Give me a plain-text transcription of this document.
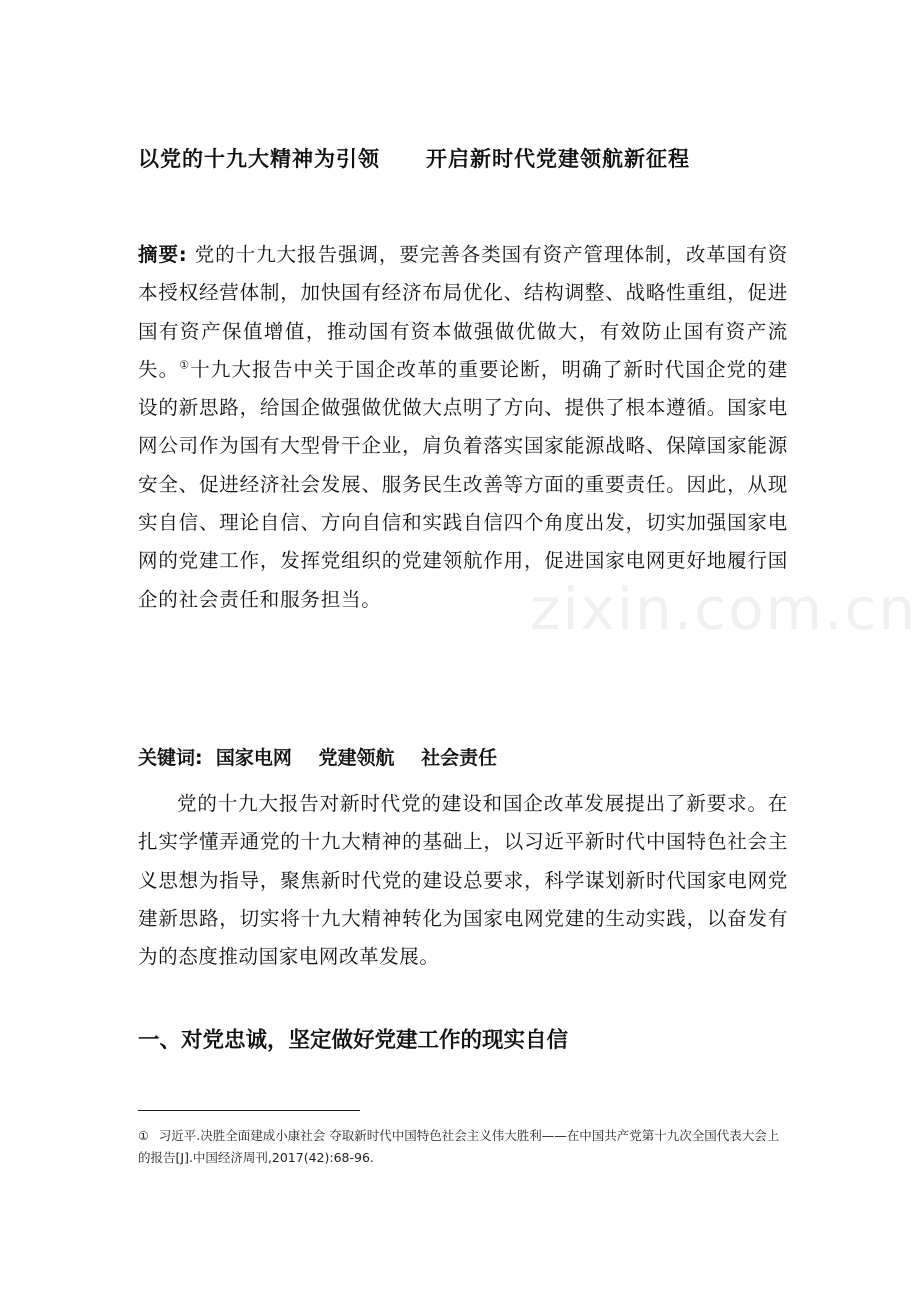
zixin.com.cn
以党的十九大精神为引领 开启新时代党建领航新征程

摘要: 党的十九大报告强调，要完善各类国有资产管理体制，改革国有资本授权经营体制，加快国有经济布局优化、结构调整、战略性重组，促进国有资产保值增值，推动国有资本做强做优做大，有效防止国有资产流失。①十九大报告中关于国企改革的重要论断，明确了新时代国企党的建设的新思路，给国企做强做优做大点明了方向、提供了根本遵循。国家电网公司作为国有大型骨干企业，肩负着落实国家能源战略、保障国家能源安全、促进经济社会发展、服务民生改善等方面的重要责任。因此，从现实自信、理论自信、方向自信和实践自信四个角度出发，切实加强国家电网的党建工作，发挥党组织的党建领航作用，促进国家电网更好地履行国企的社会责任和服务担当。

关键词: 国家电网 党建领航 社会责任

党的十九大报告对新时代党的建设和国企改革发展提出了新要求。在扎实学懂弄通党的十九大精神的基础上，以习近平新时代中国特色社会主义思想为指导，聚焦新时代党的建设总要求，科学谋划新时代国家电网党建新思路，切实将十九大精神转化为国家电网党建的生动实践，以奋发有为的态度推动国家电网改革发展。

一、对党忠诚，坚定做好党建工作的现实自信

① 习近平.决胜全面建成小康社会 夺取新时代中国特色社会主义伟大胜利——在中国共产党第十九次全国代表大会上的报告[J].中国经济周刊,2017(42):68-96.
